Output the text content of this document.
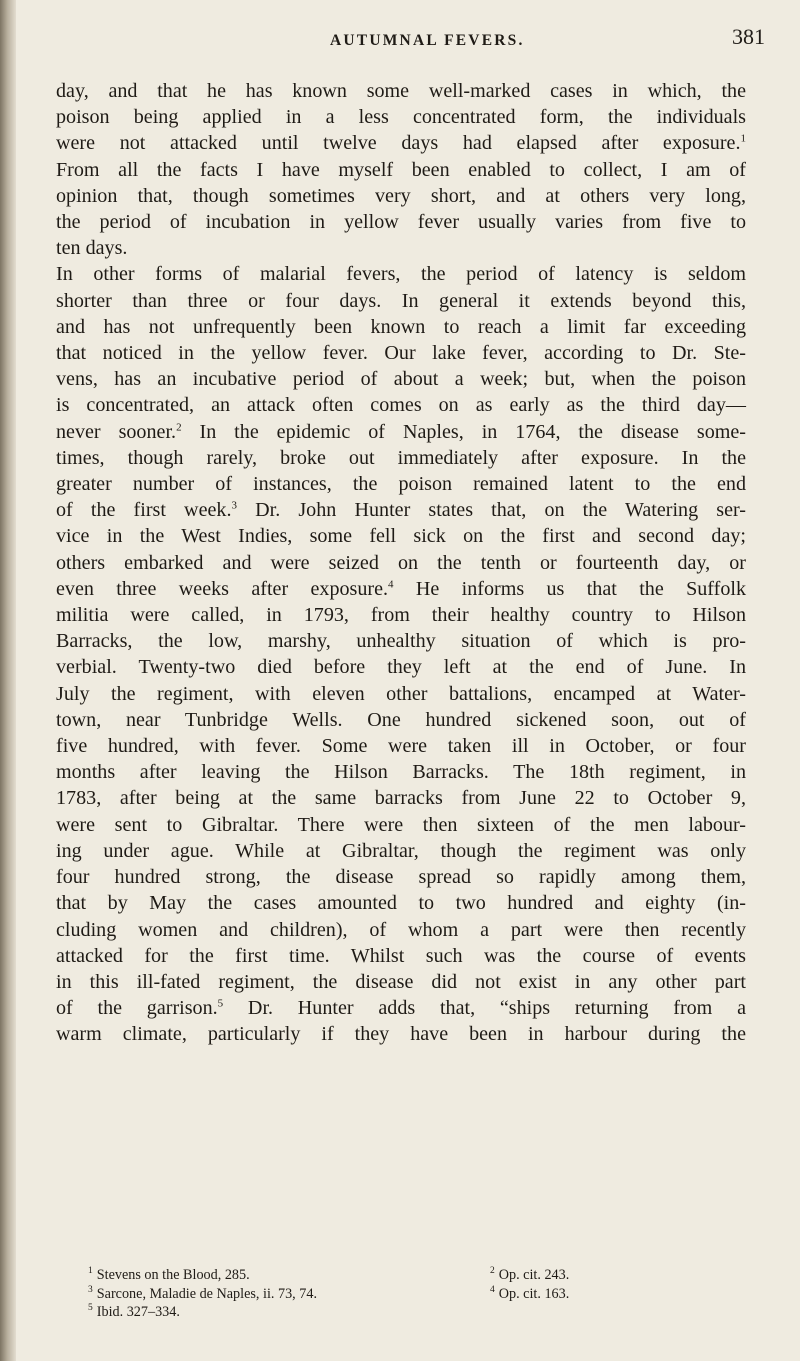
AUTUMNAL FEVERS.	381
day, and that he has known some well-marked cases in which, the
poison being applied in a less concentrated form, the individuals
were not attacked until twelve days had elapsed after exposure.$^1$
From all the facts I have myself been enabled to collect, I am of
opinion that, though sometimes very short, and at others very long,
the period of incubation in yellow fever usually varies from five to
ten days.
In other forms of malarial fevers, the period of latency is seldom
shorter than three or four days. In general it extends beyond this,
and has not unfrequently been known to reach a limit far exceeding
that noticed in the yellow fever. Our lake fever, according to Dr. Ste-
vens, has an incubative period of about a week; but, when the poison
is concentrated, an attack often comes on as early as the third day—
never sooner.$^2$ In the epidemic of Naples, in 1764, the disease some-
times, though rarely, broke out immediately after exposure. In the
greater number of instances, the poison remained latent to the end
of the first week.$^3$ Dr. John Hunter states that, on the Watering ser-
vice in the West Indies, some fell sick on the first and second day;
others embarked and were seized on the tenth or fourteenth day, or
even three weeks after exposure.$^4$ He informs us that the Suffolk
militia were called, in 1793, from their healthy country to Hilson
Barracks, the low, marshy, unhealthy situation of which is pro-
verbial. Twenty-two died before they left at the end of June. In
July the regiment, with eleven other battalions, encamped at Water-
town, near Tunbridge Wells. One hundred sickened soon, out of
five hundred, with fever. Some were taken ill in October, or four
months after leaving the Hilson Barracks. The 18th regiment, in
1783, after being at the same barracks from June 22 to October 9,
were sent to Gibraltar. There were then sixteen of the men labour-
ing under ague. While at Gibraltar, though the regiment was only
four hundred strong, the disease spread so rapidly among them,
that by May the cases amounted to two hundred and eighty (in-
cluding women and children), of whom a part were then recently
attacked for the first time. Whilst such was the course of events
in this ill-fated regiment, the disease did not exist in any other part
of the garrison.$^5$ Dr. Hunter adds that, “ships returning from a
warm climate, particularly if they have been in harbour during the
$^1$ Stevens on the Blood, 285.	$^2$ Op. cit. 243.
$^3$ Sarcone, Maladie de Naples, ii. 73, 74.	$^4$ Op. cit. 163.
$^5$ Ibid. 327–334.
